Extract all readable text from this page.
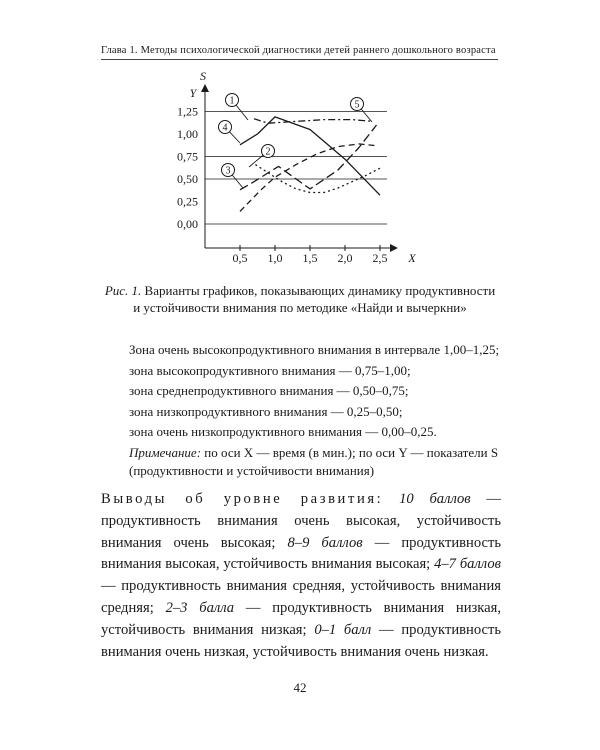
Глава 1. Методы психологической диагностики детей раннего дошкольного возраста
S
Y
X
1,25
1,00
0,75
0,50
0,25
0,00
0,5 1,0 1,5 2,0 2,5
1
2
3
4
5
Рис. 1. Варианты графиков, показывающих динамику продуктивности и устойчивости внимания по методике «Найди и вычеркни»

Зона очень высокопродуктивного внимания в интервале 1,00–1,25;

зона высокопродуктивного внимания — 0,75–1,00;

зона среднепродуктивного внимания — 0,50–0,75;

зона низкопродуктивного внимания — 0,25–0,50;

зона очень низкопродуктивного внимания — 0,00–0,25.

Примечание: по оси X — время (в мин.); по оси Y — показатели S (продуктивности и устойчивости внимания)
Выводы об уровне развития: 10 баллов — продуктивность внимания очень высокая, устойчивость внимания очень высокая; 8–9 баллов — продуктивность внимания высокая, устойчивость внимания высокая; 4–7 баллов — продуктивность внимания средняя, устойчивость внимания средняя; 2–3 балла — продуктивность внимания низкая, устойчивость внимания низкая; 0–1 балл — продуктивность внимания очень низкая, устойчивость внимания очень низкая.
42
